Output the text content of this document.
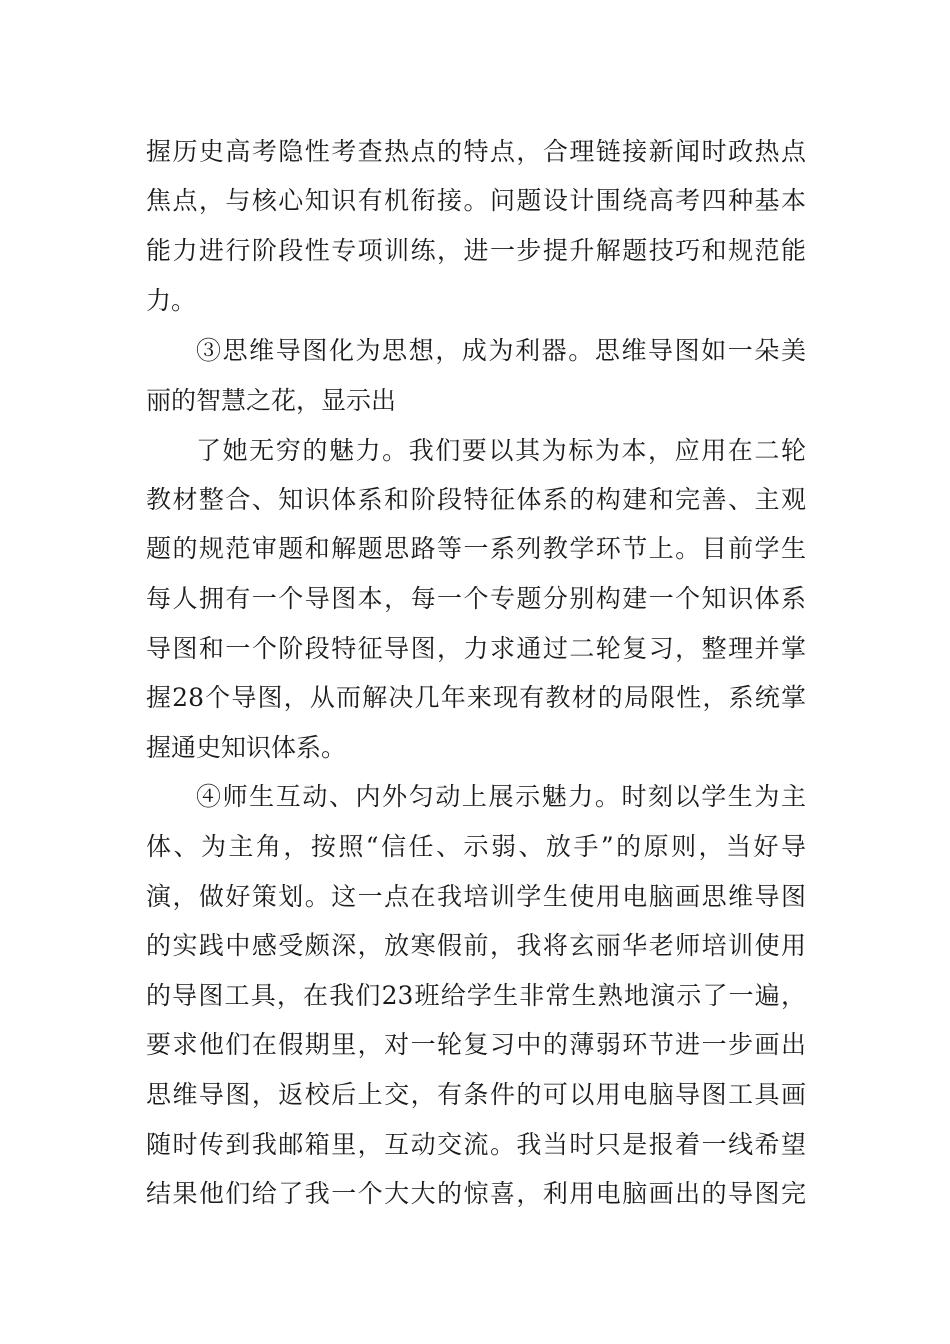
握历史高考隐性考查热点的特点，合理链接新闻时政热点
焦点，与核心知识有机衔接。问题设计围绕高考四种基本
能力进行阶段性专项训练，进一步提升解题技巧和规范能
力。
③思维导图化为思想，成为利器。思维导图如一朵美
丽的智慧之花，显示出
了她无穷的魅力。我们要以其为标为本，应用在二轮
教材整合、知识体系和阶段特征体系的构建和完善、主观
题的规范审题和解题思路等一系列教学环节上。目前学生
每人拥有一个导图本，每一个专题分别构建一个知识体系
导图和一个阶段特征导图，力求通过二轮复习，整理并掌
握28个导图，从而解决几年来现有教材的局限性，系统掌
握通史知识体系。
④师生互动、内外匀动上展示魅力。时刻以学生为主
体、为主角，按照“信任、示弱、放手”的原则，当好导
演，做好策划。这一点在我培训学生使用电脑画思维导图
的实践中感受颇深，放寒假前，我将玄丽华老师培训使用
的导图工具，在我们23班给学生非常生熟地演示了一遍，
要求他们在假期里，对一轮复习中的薄弱环节进一步画出
思维导图，返校后上交，有条件的可以用电脑导图工具画
随时传到我邮箱里，互动交流。我当时只是报着一线希望
结果他们给了我一个大大的惊喜，利用电脑画出的导图完
